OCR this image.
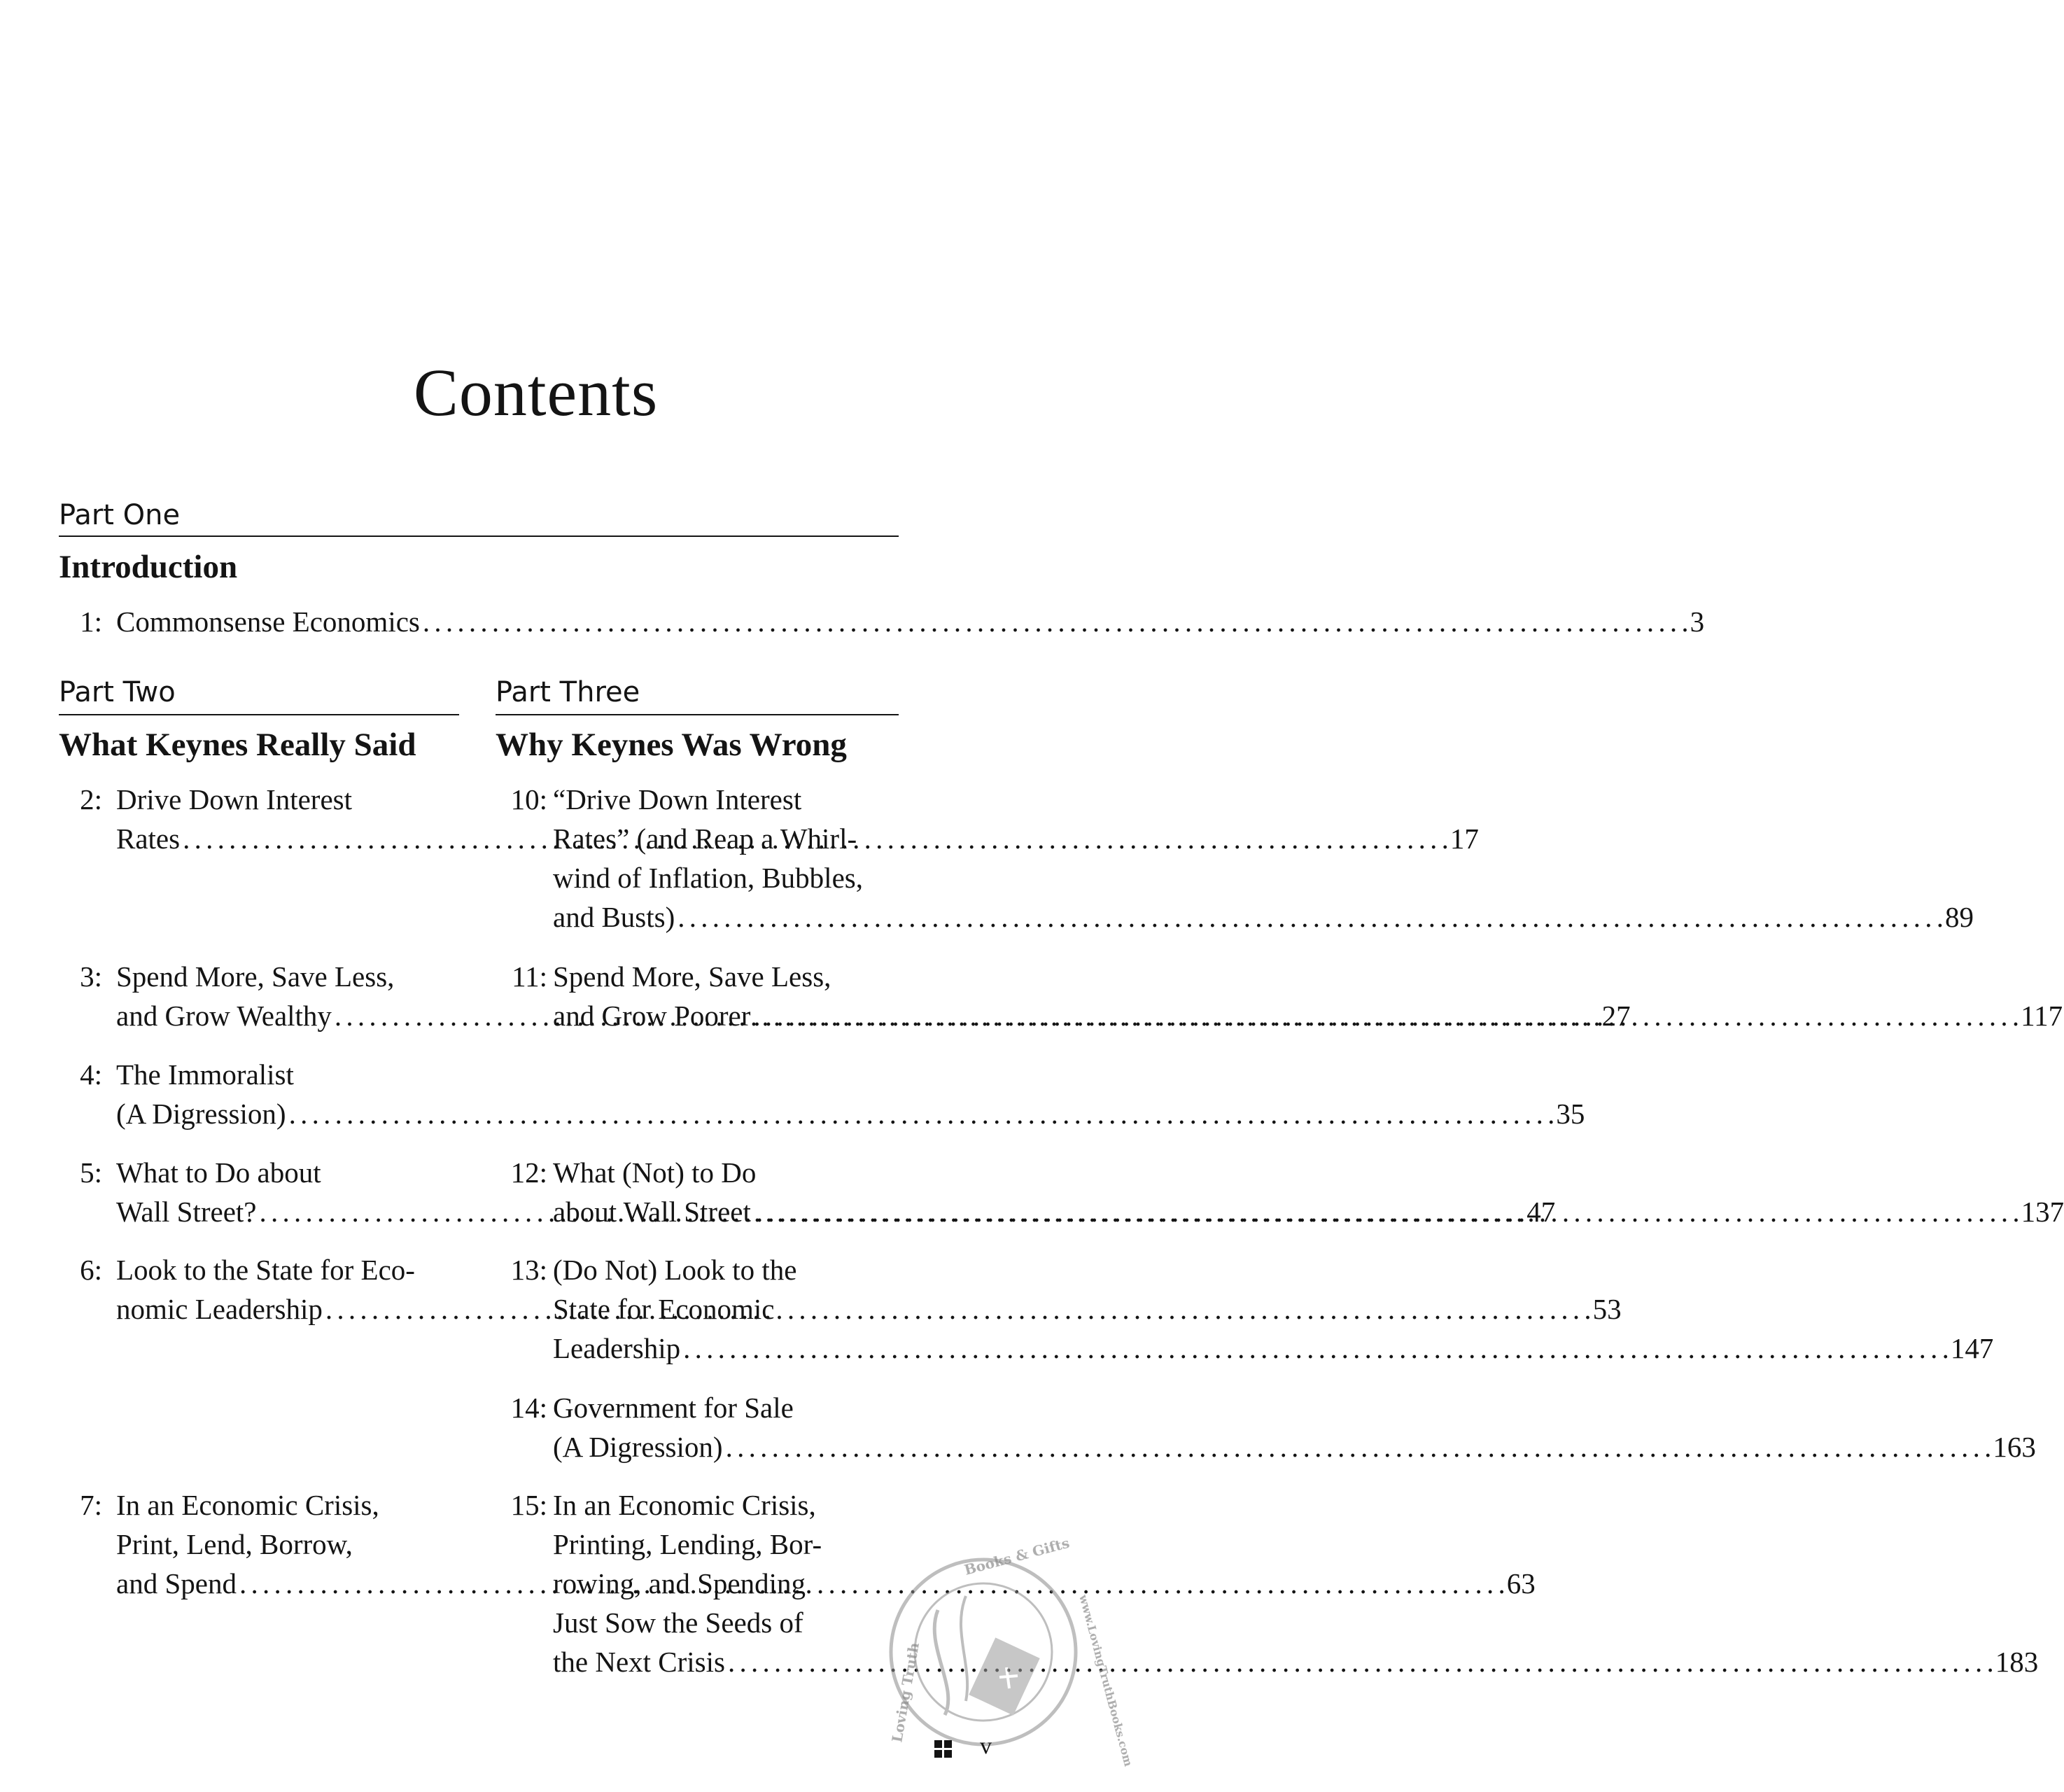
Contents
Part One
Introduction
Part Two
What Keynes Really Said
Part Three
Why Keynes Was Wrong
1: Commonsense Economics . . .	3
2: Drive Down Interest
Rates . . .	17
3: Spend More, Save Less,
and Grow Wealthy . . .	27
4: The Immoralist
(A Digression) . . .	35
5: What to Do about
Wall Street? . . .	47
6: Look to the State for Eco-
nomic Leadership . . .	53
7: In an Economic Crisis,
Print, Lend, Borrow,
and Spend . . .	63
10: “Drive Down Interest
Rates” (and Reap a Whirl-
wind of Inflation, Bubbles,
and Busts) . . .	89
11: Spend More, Save Less,
and Grow Poorer . . .	117
12: What (Not) to Do
about Wall Street . . .	137
13: (Do Not) Look to the
State for Economic
Leadership . . .	147
14: Government for Sale
(A Digression) . . .	163
15: In an Economic Crisis,
Printing, Lending, Bor-
rowing, and Spending
Just Sow the Seeds of
the Next Crisis . . .	183
Books & Gifts
www.LovingTruthBooks.com
Loving Truth
v
